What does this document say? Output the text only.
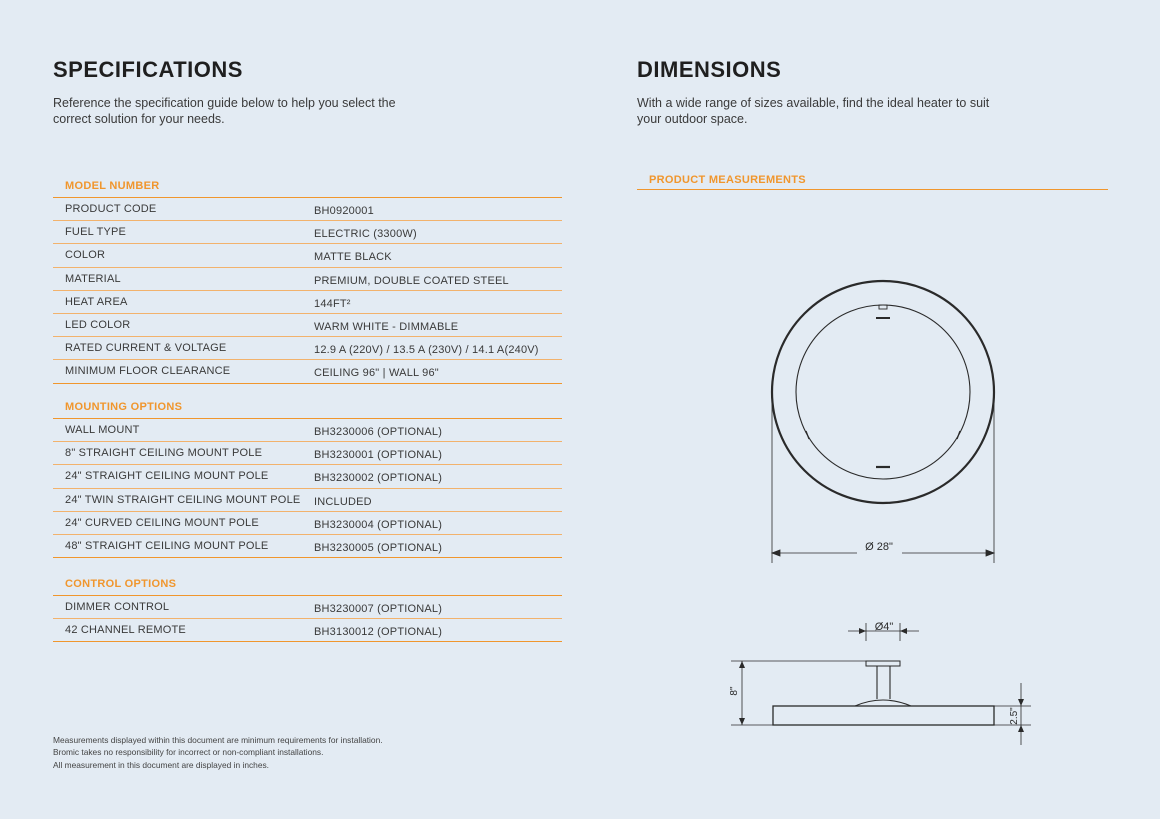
SPECIFICATIONS

Reference the specification guide below to help you select the
correct solution for your needs.

MODEL NUMBER
PRODUCT CODE	BH0920001
FUEL TYPE	ELECTRIC (3300W)
COLOR	MATTE BLACK
MATERIAL	PREMIUM, DOUBLE COATED STEEL
HEAT AREA	144FT²
LED COLOR	WARM WHITE - DIMMABLE
RATED CURRENT & VOLTAGE	12.9 A (220V) / 13.5 A (230V) / 14.1 A(240V)
MINIMUM FLOOR CLEARANCE	CEILING 96" | WALL 96"
MOUNTING OPTIONS
WALL MOUNT	BH3230006 (OPTIONAL)
8" STRAIGHT CEILING MOUNT POLE	BH3230001 (OPTIONAL)
24" STRAIGHT CEILING MOUNT POLE	BH3230002 (OPTIONAL)
24" TWIN STRAIGHT CEILING MOUNT POLE	INCLUDED
24" CURVED CEILING MOUNT POLE	BH3230004 (OPTIONAL)
48" STRAIGHT CEILING MOUNT POLE	BH3230005 (OPTIONAL)
CONTROL OPTIONS
DIMMER CONTROL	BH3230007 (OPTIONAL)
42 CHANNEL REMOTE	BH3130012 (OPTIONAL)
Measurements displayed within this document are minimum requirements for installation.
Bromic takes no responsibility for incorrect or non-compliant installations.
All measurement in this document are displayed in inches.
DIMENSIONS

With a wide range of sizes available, find the ideal heater to suit
your outdoor space.

PRODUCT MEASUREMENTS
Ø 28"
Ø4"
8"
2.5"
